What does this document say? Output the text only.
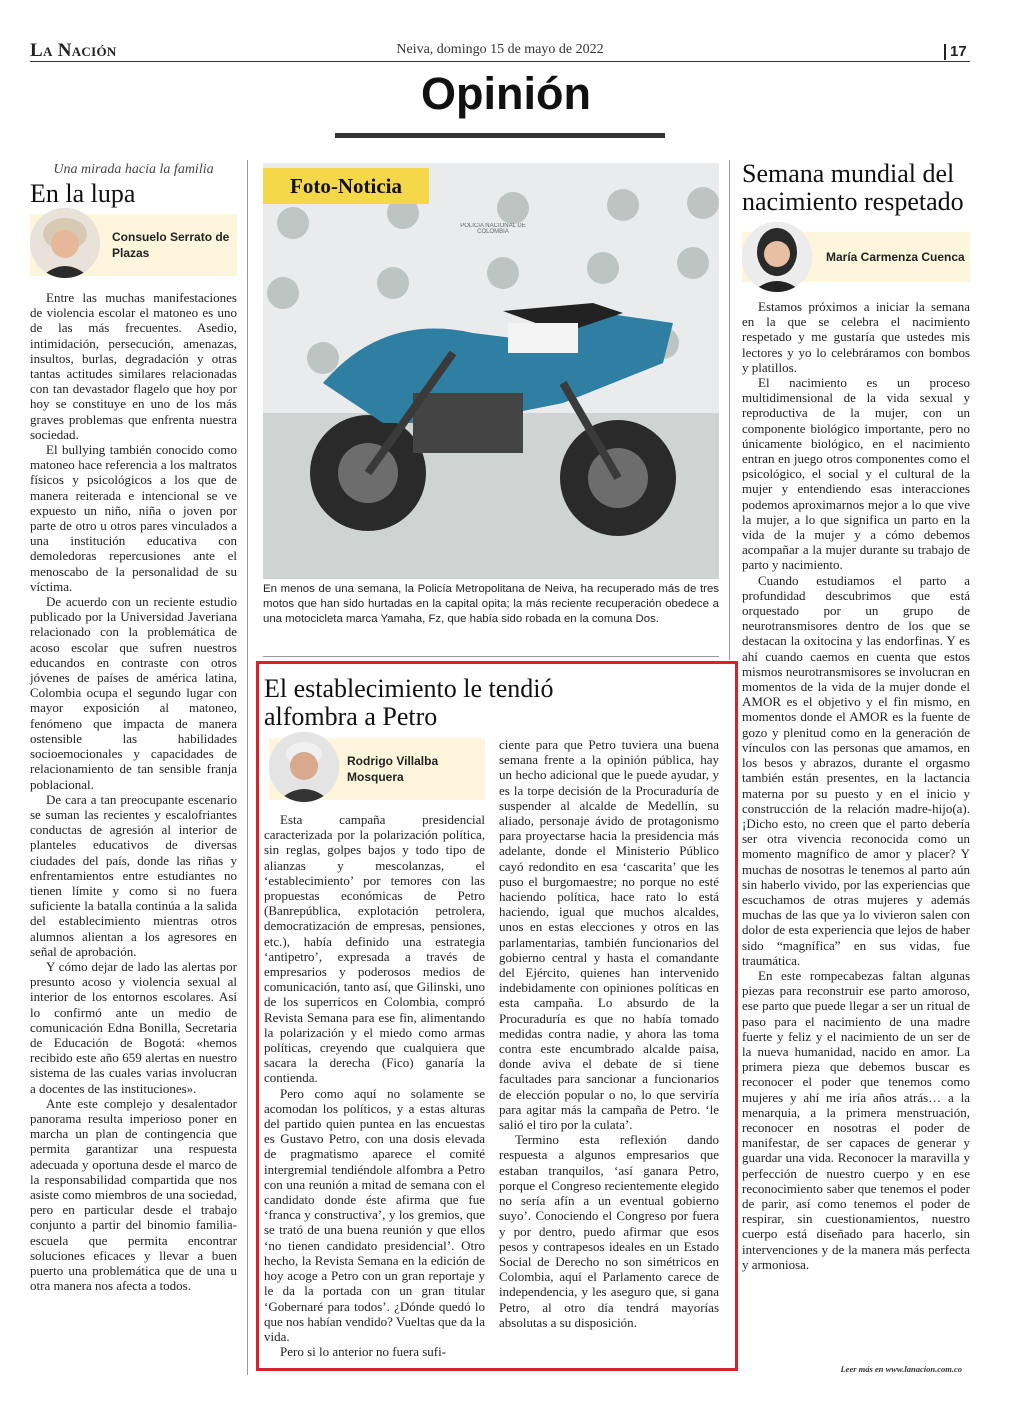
La Nación	Neiva, domingo 15 de mayo de 2022	17
Opinión
Una mirada hacia la familia
En la lupa
Consuelo Serrato de Plazas

Entre las muchas manifestaciones de violencia escolar el matoneo es uno de las más frecuentes. Asedio, intimidación, persecución, amenazas, insultos, burlas, degradación y otras tantas actitudes similares relacionadas con tan devastador flagelo que hoy por hoy se constituye en uno de los más graves problemas que enfrenta nuestra sociedad.

El bullying también conocido como matoneo hace referencia a los maltratos físicos y psicológicos a los que de manera reiterada e intencional se ve expuesto un niño, niña o joven por parte de otro u otros pares vinculados a una institución educativa con demoledoras repercusiones ante el menoscabo de la personalidad de su víctima.

De acuerdo con un reciente estudio publicado por la Universidad Javeriana relacionado con la problemática de acoso escolar que sufren nuestros educandos en contraste con otros jóvenes de países de américa latina, Colombia ocupa el segundo lugar con mayor exposición al matoneo, fenómeno que impacta de manera ostensible las habilidades socioemocionales y capacidades de relacionamiento de tan sensible franja poblacional.

De cara a tan preocupante escenario se suman las recientes y escalofriantes conductas de agresión al interior de planteles educativos de diversas ciudades del país, donde las riñas y enfrentamientos entre estudiantes no tienen límite y como si no fuera suficiente la batalla continúa a la salida del establecimiento mientras otros alumnos alientan a los agresores en señal de aprobación.

Y cómo dejar de lado las alertas por presunto acoso y violencia sexual al interior de los entornos escolares. Así lo confirmó ante un medio de comunicación Edna Bonilla, Secretaria de Educación de Bogotá: «hemos recibido este año 659 alertas en nuestro sistema de las cuales varias involucran a docentes de las instituciones».

Ante este complejo y desalentador panorama resulta imperioso poner en marcha un plan de contingencia que permita garantizar una respuesta adecuada y oportuna desde el marco de la responsabilidad compartida que nos asiste como miembros de una sociedad, pero en particular desde el trabajo conjunto a partir del binomio familia- escuela que permita encontrar soluciones eficaces y llevar a buen puerto una problemática que de una u otra manera nos afecta a todos.

POLICIA NACIONAL DE COLOMBIA
Foto-Noticia
En menos de una semana, la Policía Metropolitana de Neiva, ha recuperado más de tres motos que han sido hurtadas en la capital opita; la más reciente recuperación obedece a una motocicleta marca Yamaha, Fz, que había sido robada en la comuna Dos.
El establecimiento le tendió alfombra a Petro
Rodrigo Villalba Mosquera

Esta campaña presidencial caracterizada por la polarización política, sin reglas, golpes bajos y todo tipo de alianzas y mescolanzas, el ‘establecimiento’ por temores con las propuestas económicas de Petro (Banrepública, explotación petrolera, democratización de empresas, pensiones, etc.), había definido una estrategia ‘antipetro’, expresada a través de empresarios y poderosos medios de comunicación, tanto así, que Gilinski, uno de los superricos en Colombia, compró Revista Semana para ese fin, alimentando la polarización y el miedo como armas políticas, creyendo que cualquiera que sacara la derecha (Fico) ganaría la contienda.

Pero como aquí no solamente se acomodan los políticos, y a estas alturas del partido quien puntea en las encuestas es Gustavo Petro, con una dosis elevada de pragmatismo aparece el comité intergremial tendiéndole alfombra a Petro con una reunión a mitad de semana con el candidato donde éste afirma que fue ‘franca y constructiva’, y los gremios, que se trató de una buena reunión y que ellos ‘no tienen candidato presidencial’. Otro hecho, la Revista Semana en la edición de hoy acoge a Petro con un gran reportaje y le da la portada con un gran titular ‘Gobernaré para todos’. ¿Dónde quedó lo que nos habían vendido? Vueltas que da la vida.

Pero si lo anterior no fuera sufi-

ciente para que Petro tuviera una buena semana frente a la opinión pública, hay un hecho adicional que le puede ayudar, y es la torpe decisión de la Procuraduría de suspender al alcalde de Medellín, su aliado, personaje ávido de protagonismo para proyectarse hacia la presidencia más adelante, donde el Ministerio Público cayó redondito en esa ‘cascarita’ que les puso el burgomaestre; no porque no esté haciendo política, hace rato lo está haciendo, igual que muchos alcaldes, unos en estas elecciones y otros en las parlamentarias, también funcionarios del gobierno central y hasta el comandante del Ejército, quienes han intervenido indebidamente con opiniones políticas en esta campaña. Lo absurdo de la Procuraduría es que no había tomado medidas contra nadie, y ahora las toma contra este encumbrado alcalde paisa, donde aviva el debate de si tiene facultades para sancionar a funcionarios de elección popular o no, lo que serviría para agitar más la campaña de Petro. ‘le salió el tiro por la culata’.

Termino esta reflexión dando respuesta a algunos empresarios que estaban tranquilos, ‘así ganara Petro, porque el Congreso recientemente elegido no sería afín a un eventual gobierno suyo’. Conociendo el Congreso por fuera y por dentro, puedo afirmar que esos pesos y contrapesos ideales en un Estado Social de Derecho no son simétricos en Colombia, aquí el Parlamento carece de independencia, y les aseguro que, si gana Petro, al otro día tendrá mayorías absolutas a su disposición.

Semana mundial del nacimiento respetado
María Carmenza Cuenca

Estamos próximos a iniciar la semana en la que se celebra el nacimiento respetado y me gustaría que ustedes mis lectores y yo lo celebráramos con bombos y platillos.

El nacimiento es un proceso multidimensional de la vida sexual y reproductiva de la mujer, con un componente biológico importante, pero no únicamente biológico, en el nacimiento entran en juego otros componentes como el psicológico, el social y el cultural de la mujer y entendiendo esas interacciones podemos aproximarnos mejor a lo que vive la mujer, a lo que significa un parto en la vida de la mujer y a cómo debemos acompañar a la mujer durante su trabajo de parto y nacimiento.

Cuando estudiamos el parto a profundidad descubrimos que está orquestado por un grupo de neurotransmisores dentro de los que se destacan la oxitocina y las endorfinas. Y es ahí cuando caemos en cuenta que estos mismos neurotransmisores se involucran en momentos de la vida de la mujer donde el AMOR es el objetivo y el fin mismo, en momentos donde el AMOR es la fuente de gozo y plenitud como en la generación de vínculos con las personas que amamos, en los besos y abrazos, durante el orgasmo también están presentes, en la lactancia materna por su puesto y en el inicio y construcción de la relación madre-hijo(a). ¡Dicho esto, no creen que el parto debería ser otra vivencia reconocida como un momento magnífico de amor y placer? Y muchas de nosotras le tenemos al parto aún sin haberlo vivido, por las experiencias que escuchamos de otras mujeres y además muchas de las que ya lo vivieron salen con dolor de esta experiencia que lejos de haber sido “magnífica” en sus vidas, fue traumática.

En este rompecabezas faltan algunas piezas para reconstruir ese parto amoroso, ese parto que puede llegar a ser un ritual de paso para el nacimiento de una madre fuerte y feliz y el nacimiento de un ser de la nueva humanidad, nacido en amor. La primera pieza que debemos buscar es reconocer el poder que tenemos como mujeres y ahí me iría años atrás… a la menarquia, a la primera menstruación, reconocer en nosotras el poder de manifestar, de ser capaces de generar y guardar una vida. Reconocer la maravilla y perfección de nuestro cuerpo y en ese reconocimiento saber que tenemos el poder de parir, así como tenemos el poder de respirar, sin cuestionamientos, nuestro cuerpo está diseñado para hacerlo, sin intervenciones y de la manera más perfecta y armoniosa.

Leer más en www.lanacion.com.co
